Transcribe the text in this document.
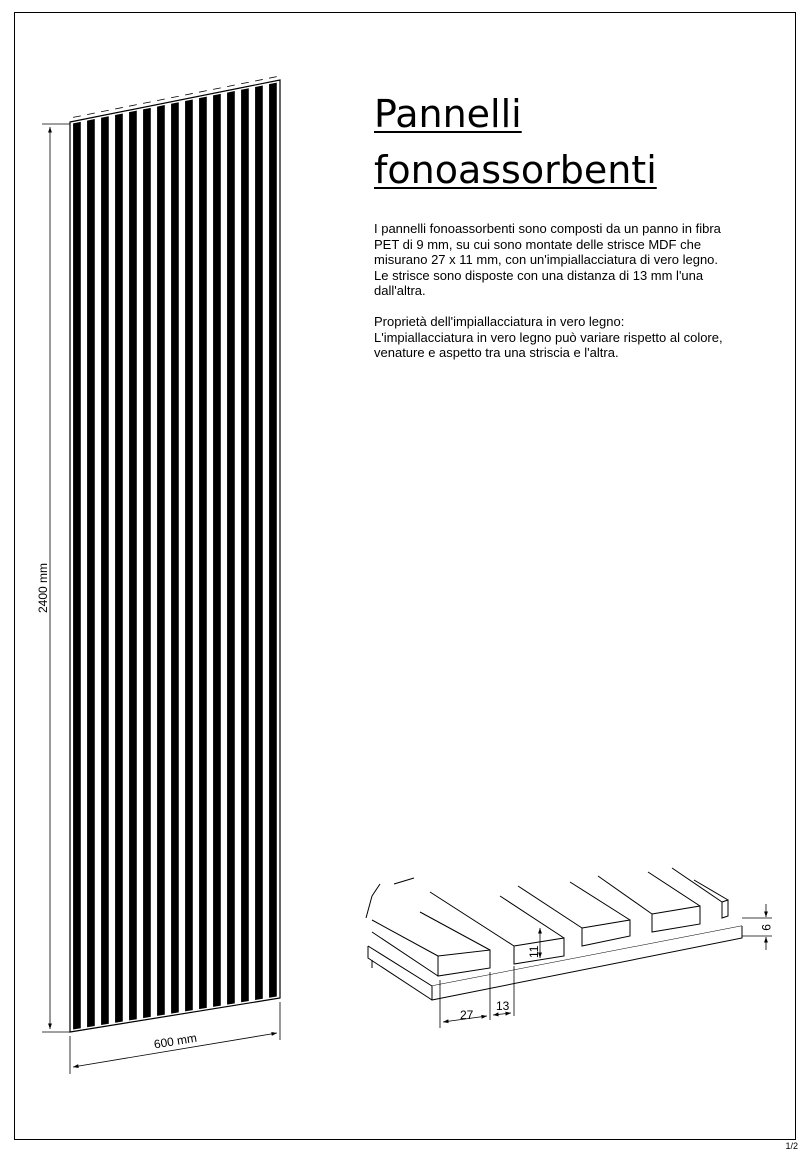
Pannelli
fonoassorbenti

I pannelli fonoassorbenti sono composti da un panno in fibra
PET di 9 mm, su cui sono montate delle strisce MDF che
misurano 27 x 11 mm, con un'impiallacciatura di vero legno.
Le strisce sono disposte con una distanza di 13 mm l'una
dall'altra.

Proprietà dell'impiallacciatura in vero legno:
L'impiallacciatura in vero legno può variare rispetto al colore,
venature e aspetto tra una striscia e l'altra.

2400 mm
600 mm
27
13
11
9
1/2
